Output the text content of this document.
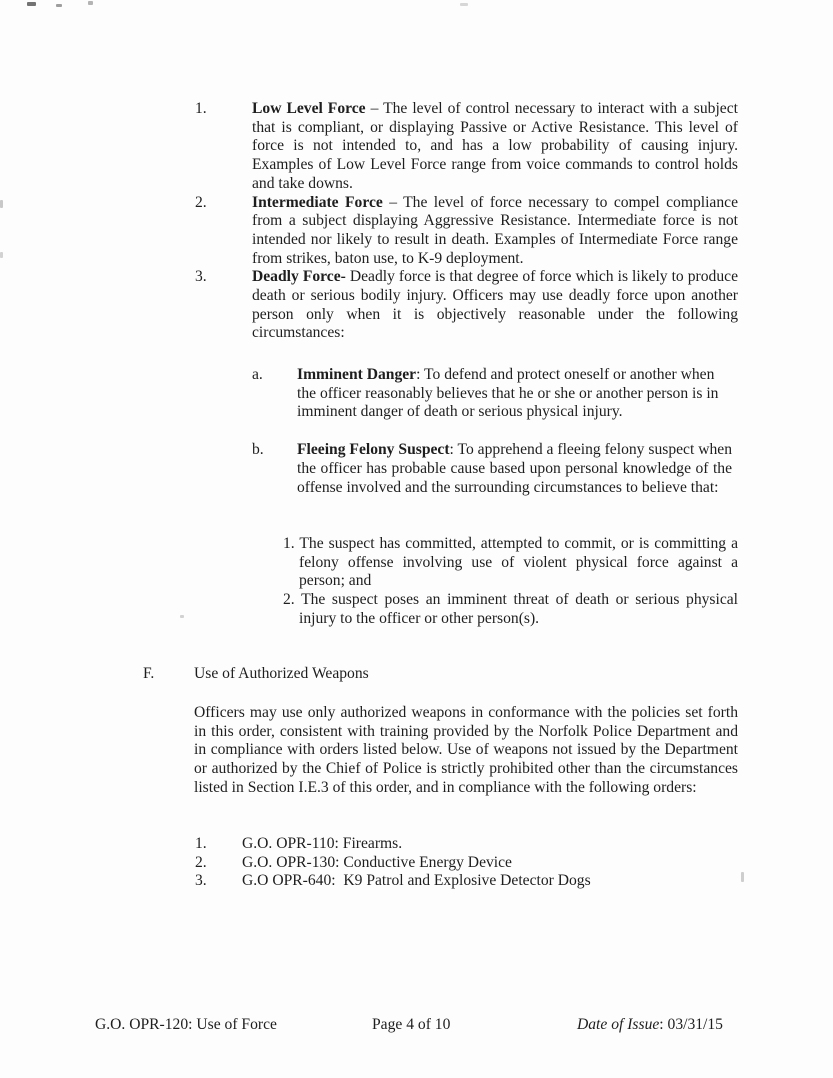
1.	Low Level Force – The level of control necessary to interact with a subject that is compliant, or displaying Passive or Active Resistance. This level of force is not intended to, and has a low probability of causing injury. Examples of Low Level Force range from voice commands to control holds and take downs.
2.	Intermediate Force – The level of force necessary to compel compliance from a subject displaying Aggressive Resistance. Intermediate force is not intended nor likely to result in death. Examples of Intermediate Force range from strikes, baton use, to K-9 deployment.
3.	Deadly Force- Deadly force is that degree of force which is likely to produce death or serious bodily injury. Officers may use deadly force upon another person only when it is objectively reasonable under the following circumstances:
a.	Imminent Danger: To defend and protect oneself or another when the officer reasonably believes that he or she or another person is in imminent danger of death or serious physical injury.
b.	Fleeing Felony Suspect: To apprehend a fleeing felony suspect when the officer has probable cause based upon personal knowledge of the offense involved and the surrounding circumstances to believe that:
1. The suspect has committed, attempted to commit, or is committing a felony offense involving use of violent physical force against a person; and
2. The suspect poses an imminent threat of death or serious physical injury to the officer or other person(s).
F.	Use of Authorized Weapons
Officers may use only authorized weapons in conformance with the policies set forth in this order, consistent with training provided by the Norfolk Police Department and in compliance with orders listed below. Use of weapons not issued by the Department or authorized by the Chief of Police is strictly prohibited other than the circumstances listed in Section I.E.3 of this order, and in compliance with the following orders:
1.	G.O. OPR-110: Firearms.
2.	G.O. OPR-130: Conductive Energy Device
3.	G.O OPR-640:  K9 Patrol and Explosive Detector Dogs
G.O. OPR-120: Use of Force	Page 4 of 10	Date of Issue: 03/31/15
